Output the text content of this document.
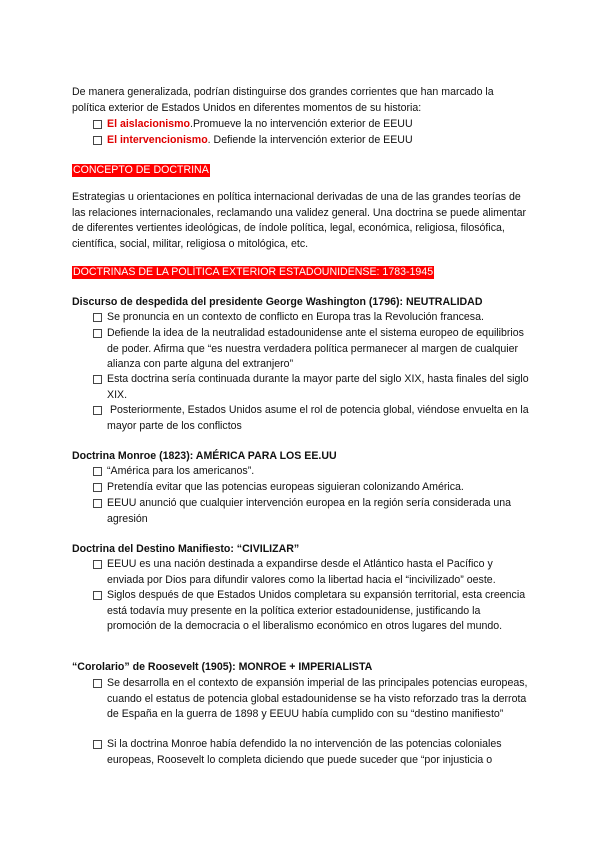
De manera generalizada, podrían distinguirse dos grandes corrientes que han marcado la política exterior de Estados Unidos en diferentes momentos de su historia:
El aislacionismo.Promueve la no intervención exterior de EEUU
El intervencionismo. Defiende la intervención exterior de EEUU
CONCEPTO DE DOCTRINA
Estrategias u orientaciones en política internacional derivadas de una de las grandes teorías de las relaciones internacionales, reclamando una validez general. Una doctrina se puede alimentar de diferentes vertientes ideológicas, de índole política, legal, económica, religiosa, filosófica, científica, social, militar, religiosa o mitológica, etc.
DOCTRINAS DE LA POLÍTICA EXTERIOR ESTADOUNIDENSE: 1783-1945
Discurso de despedida del presidente George Washington (1796): NEUTRALIDAD
Se pronuncia en un contexto de conflicto en Europa tras la Revolución francesa.
Defiende la idea de la neutralidad estadounidense ante el sistema europeo de equilibrios de poder. Afirma que “es nuestra verdadera política permanecer al margen de cualquier alianza con parte alguna del extranjero”
Esta doctrina sería continuada durante la mayor parte del siglo XIX, hasta finales del siglo XIX.
Posteriormente, Estados Unidos asume el rol de potencia global, viéndose envuelta en la mayor parte de los conflictos
Doctrina Monroe (1823): AMÉRICA PARA LOS EE.UU
“América para los americanos”.
Pretendía evitar que las potencias europeas siguieran colonizando América.
EEUU anunció que cualquier intervención europea en la región sería considerada una agresión
Doctrina del Destino Manifiesto: “CIVILIZAR”
EEUU es una nación destinada a expandirse desde el Atlántico hasta el Pacífico y enviada por Dios para difundir valores como la libertad hacia el “incivilizado” oeste.
Siglos después de que Estados Unidos completara su expansión territorial, esta creencia está todavía muy presente en la política exterior estadounidense, justificando la promoción de la democracia o el liberalismo económico en otros lugares del mundo.
“Corolario” de Roosevelt (1905): MONROE + IMPERIALISTA
Se desarrolla en el contexto de expansión imperial de las principales potencias europeas, cuando el estatus de potencia global estadounidense se ha visto reforzado tras la derrota de España en la guerra de 1898 y EEUU había cumplido con su “destino manifiesto”
Si la doctrina Monroe había defendido la no intervención de las potencias coloniales europeas, Roosevelt lo completa diciendo que puede suceder que “por injusticia o
